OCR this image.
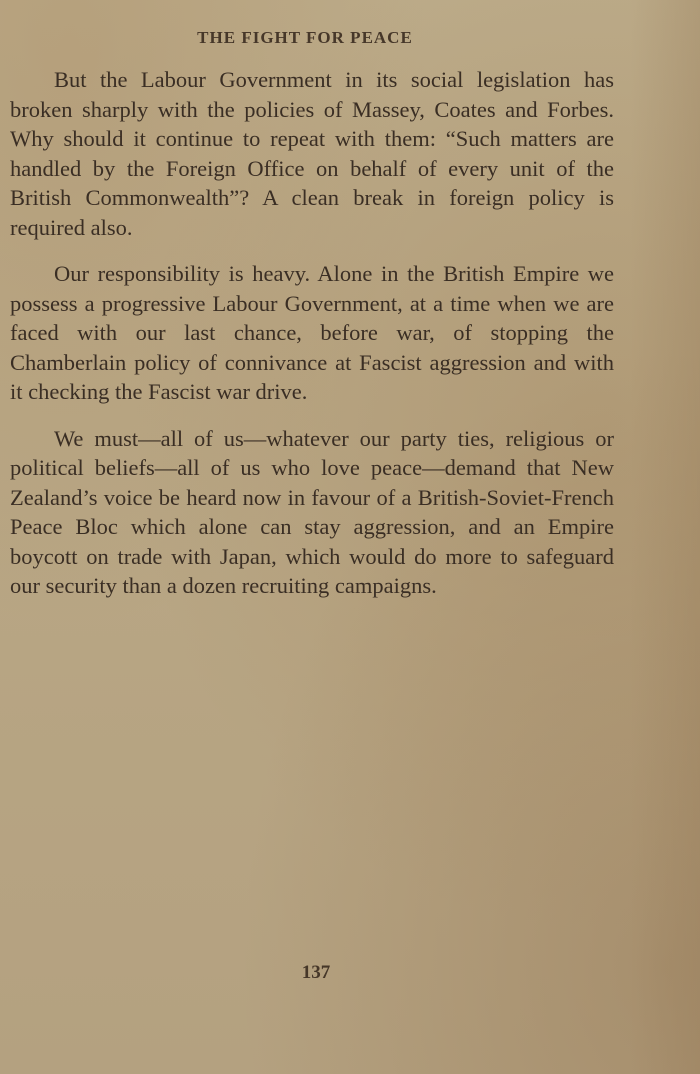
THE FIGHT FOR PEACE

But the Labour Government in its social legislation has broken sharply with the policies of Massey, Coates and Forbes. Why should it continue to repeat with them: “Such matters are handled by the Foreign Office on behalf of every unit of the British Commonwealth”? A clean break in foreign policy is required also.

Our responsibility is heavy. Alone in the British Empire we possess a progressive Labour Government, at a time when we are faced with our last chance, before war, of stopping the Chamberlain policy of connivance at Fascist aggression and with it checking the Fascist war drive.

We must—all of us—whatever our party ties, religious or political beliefs—all of us who love peace—demand that New Zealand’s voice be heard now in favour of a British-Soviet-French Peace Bloc which alone can stay aggression, and an Empire boycott on trade with Japan, which would do more to safeguard our security than a dozen recruiting campaigns.

137
